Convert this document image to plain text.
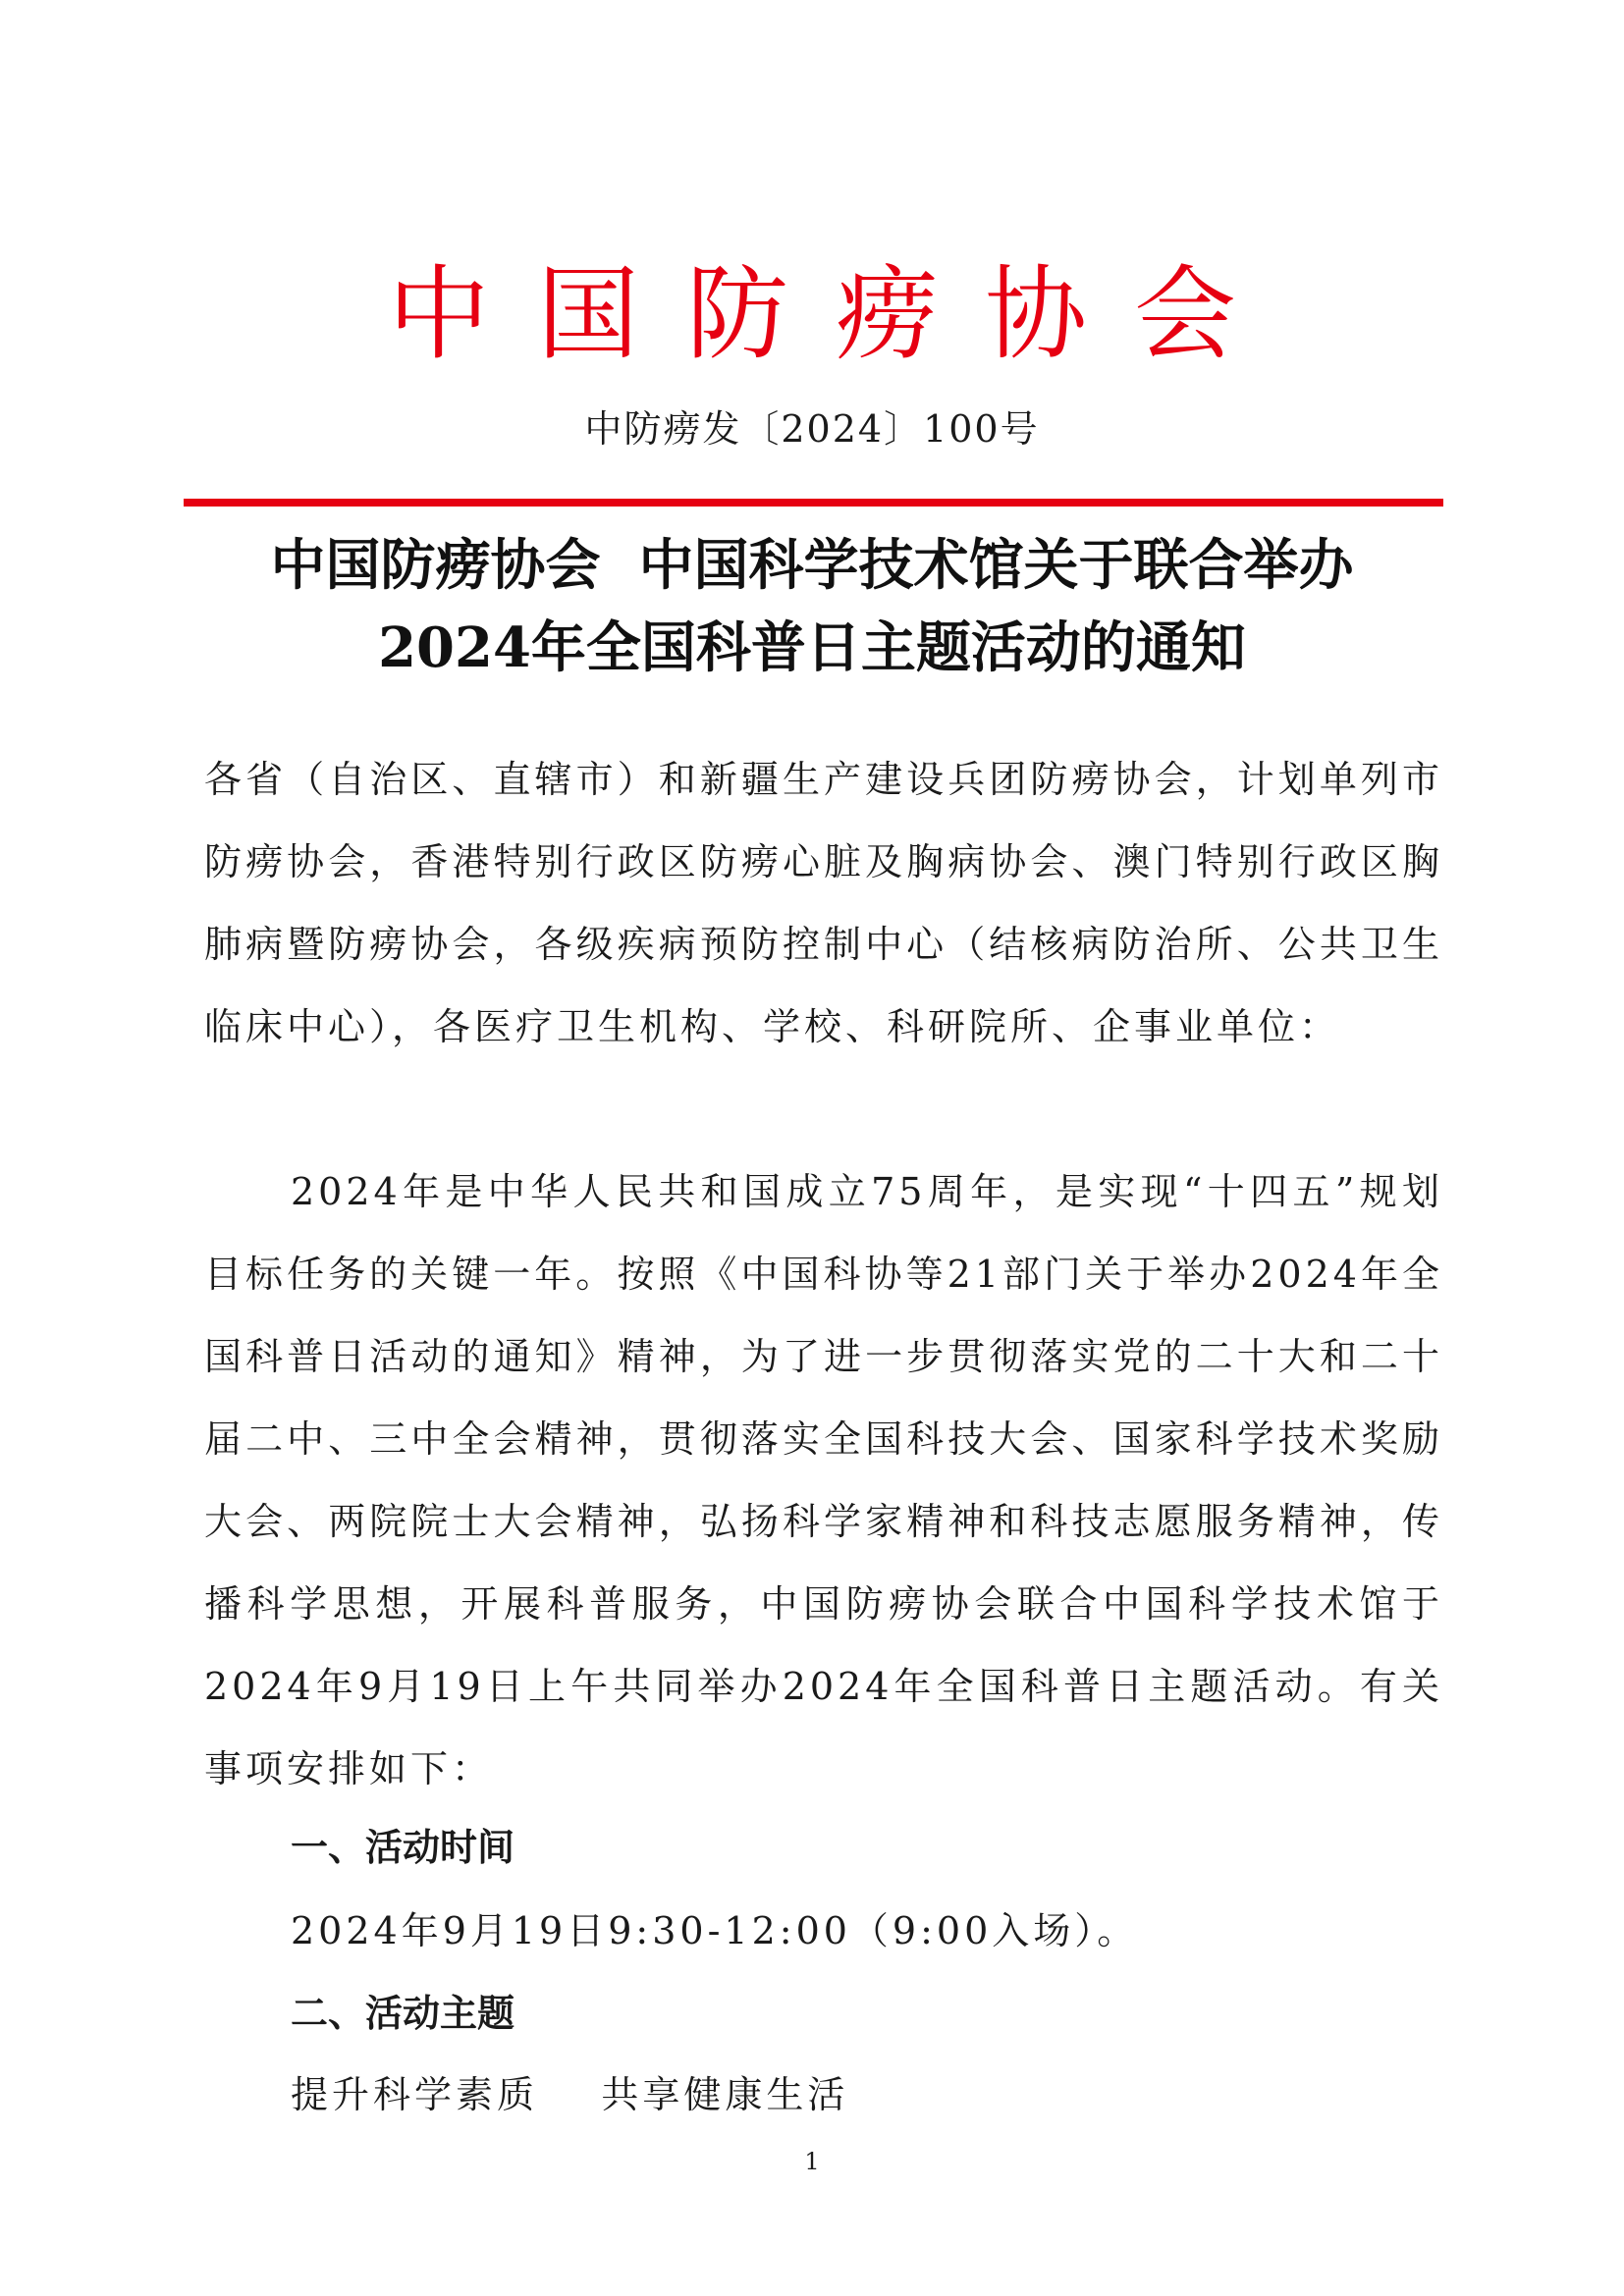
中国防痨协会
中防痨发〔2024〕100号
中国防痨协会  中国科学技术馆关于联合举办
2024年全国科普日主题活动的通知

各省（自治区、直辖市）和新疆生产建设兵团防痨协会，计划单列市防痨协会，香港特别行政区防痨心脏及胸病协会、澳门特别行政区胸肺病暨防痨协会，各级疾病预防控制中心（结核病防治所、公共卫生临床中心），各医疗卫生机构、学校、科研院所、企事业单位：

2024年是中华人民共和国成立75周年，是实现“十四五”规划目标任务的关键一年。按照《中国科协等21部门关于举办2024年全国科普日活动的通知》精神，为了进一步贯彻落实党的二十大和二十届二中、三中全会精神，贯彻落实全国科技大会、国家科学技术奖励大会、两院院士大会精神，弘扬科学家精神和科技志愿服务精神，传播科学思想，开展科普服务，中国防痨协会联合中国科学技术馆于2024年9月19日上午共同举办2024年全国科普日主题活动。有关事项安排如下：

一、活动时间
2024年9月19日9:30-12:00（9:00入场）。
二、活动主题
提升科学素质    共享健康生活
1
